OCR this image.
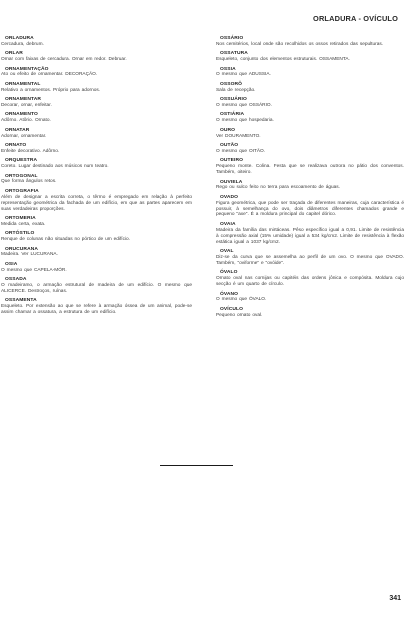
ORLADURA - OVÍCULO
ORLADURA
Cercadura, debrum.
ORLAR
Ornar com faixas de cercadura. Ornar em redor. Debruar.
ORNAMENTAÇÃO
Ato ou efeito de ornamentar. DECORAÇÃO.
ORNAMENTAL
Relativo a ornamentos. Próprio para adornos.
ORNAMENTAR
Decorar, ornar, enfeitar.
ORNAMENTO
Adôrno. Atôrio. Ornato.
ORNATAR
Adornar, ornamentar.
ORNATO
Enfeite decorativo. Adôrno.
ORQUESTRA
Coreto. Lugar destinado aos músicos num teatro.
ORTOGONAL
Que forma ângulos retos.
ORTOGRAFIA
Além de designar a escrita correta, o têrmo é empregado em relação à perfeito representação geométrica da fachada de um edifício, em que as partes aparecem em suas verdadeiras proporções.
ORTOMERIA
Medida certa, exata.
ORTÓSTILO
Renque de colunas não situadas no pórtico de um edifício.
ORUCURANA
Madeira. Ver LUCURANA.
OSIA
O mesmo que CAPELA-MÓR.
OSSADA
O madeiramo, o armação estrutural de madeira de um edifício. O mesmo que ALICERCE. Destroços, ruínas.
OSSAMENTA
Esqueleto. Por extensão ao que se refere à armação óssea de um animal, pode-se assim chamar a ossatura, a estrutura de um edifício.
OSSÁRIO
Nos cemitérios, local onde são recolhidos os ossos retirados das sepulturas.
OSSATURA
Esqueleto, conjunto dos elementos estruturais. OSSAMENTA.
OSSIA
O mesmo que ADUSSIA.
OSSORÔ
Sala de recepção.
OSSUÁRIO
O mesmo que OSSÁRIO.
OSTIÁRIA
O mesmo que hospedaria.
OURO
Ver DOURAMENTO.
OUTÃO
O mesmo que OITÃO.
OUTEIRO
Pequeno monte. Colina. Festa que se realizava outrora no pátio dos conventos. Também, oiteiro.
OUVIELA
Rego ou sulco feito no terra para escoamento de águas.
OVADO
Figura geométrica, que pode ser traçada de diferentes maneiras, cuja característica é possuir, à semelhança do ovo, dois diâmetros diferentes chamados grande e pequeno "axe". É a moldura principal do capitel dórico.
OVAIA
Madeira da família das mirtáceas. Pêso específico igual a 0,91. Limite de resistência à compressão axial (15% umidade) igual a 534 kg/cm2. Limite de resistência à flexão estática igual a 1037 kg/cm2.
OVAL
Diz-se da curva que se assemelha ao perfil de um ovo. O mesmo que OVADO. Também, "oviforme" e "ovóide".
ÓVALO
Ornato oval nas cornijas ou capitéis das ordens jônica e compósita. Moldura cujo secção é um quarto de círculo.
ÓVANO
O mesmo que ÓVALO.
OVÍCULO
Pequeno ornato oval.
341
